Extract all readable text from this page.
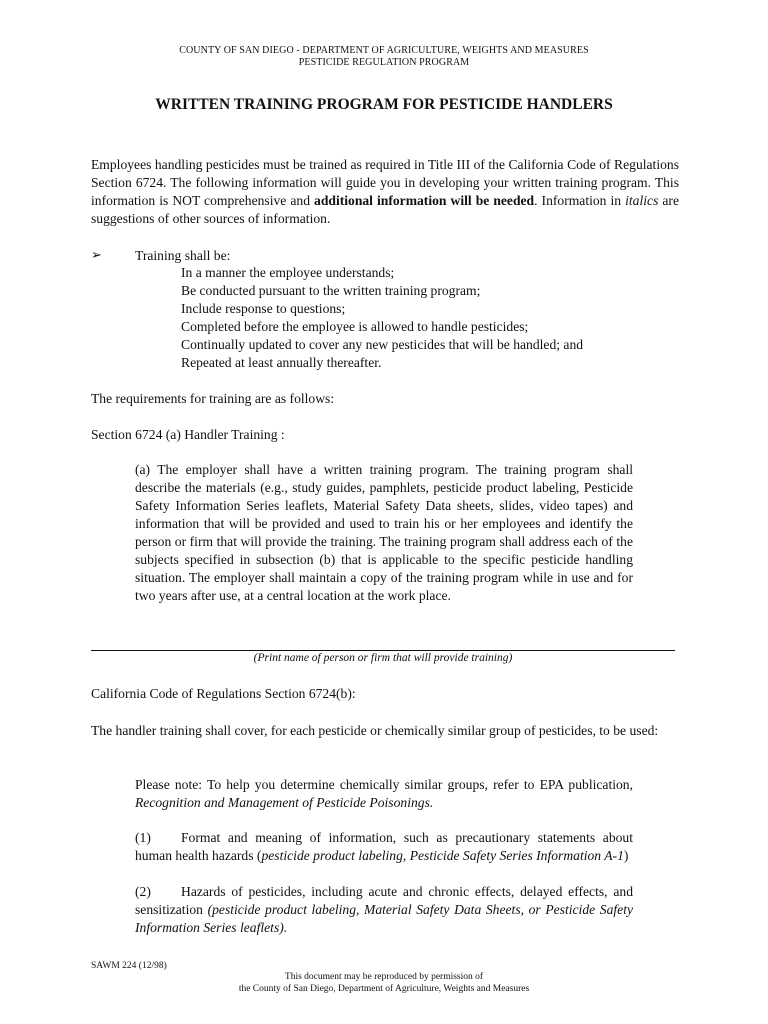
COUNTY OF SAN DIEGO - DEPARTMENT OF AGRICULTURE, WEIGHTS AND MEASURES
PESTICIDE REGULATION PROGRAM
WRITTEN TRAINING PROGRAM FOR PESTICIDE HANDLERS

Employees handling pesticides must be trained as required in Title III of the California Code of Regulations Section 6724. The following information will guide you in developing your written training program. This information is NOT comprehensive and additional information will be needed. Information in italics are suggestions of other sources of information.

➢ Training shall be:
In a manner the employee understands;
Be conducted pursuant to the written training program;
Include response to questions;
Completed before the employee is allowed to handle pesticides;
Continually updated to cover any new pesticides that will be handled; and
Repeated at least annually thereafter.

The requirements for training are as follows:

Section 6724 (a) Handler Training :

(a) The employer shall have a written training program. The training program shall describe the materials (e.g., study guides, pamphlets, pesticide product labeling, Pesticide Safety Information Series leaflets, Material Safety Data sheets, slides, video tapes) and information that will be provided and used to train his or her employees and identify the person or firm that will provide the training. The training program shall address each of the subjects specified in subsection (b) that is applicable to the specific pesticide handling situation. The employer shall maintain a copy of the training program while in use and for two years after use, at a central location at the work place.

(Print name of person or firm that will provide training)

California Code of Regulations Section 6724(b):

The handler training shall cover, for each pesticide or chemically similar group of pesticides, to be used:

Please note: To help you determine chemically similar groups, refer to EPA publication, Recognition and Management of Pesticide Poisonings.

(1) Format and meaning of information, such as precautionary statements about human health hazards (pesticide product labeling, Pesticide Safety Series Information A-1)

(2) Hazards of pesticides, including acute and chronic effects, delayed effects, and sensitization (pesticide product labeling, Material Safety Data Sheets, or Pesticide Safety Information Series leaflets).

SAWM 224 (12/98)
This document may be reproduced by permission of
the County of San Diego, Department of Agriculture, Weights and Measures
